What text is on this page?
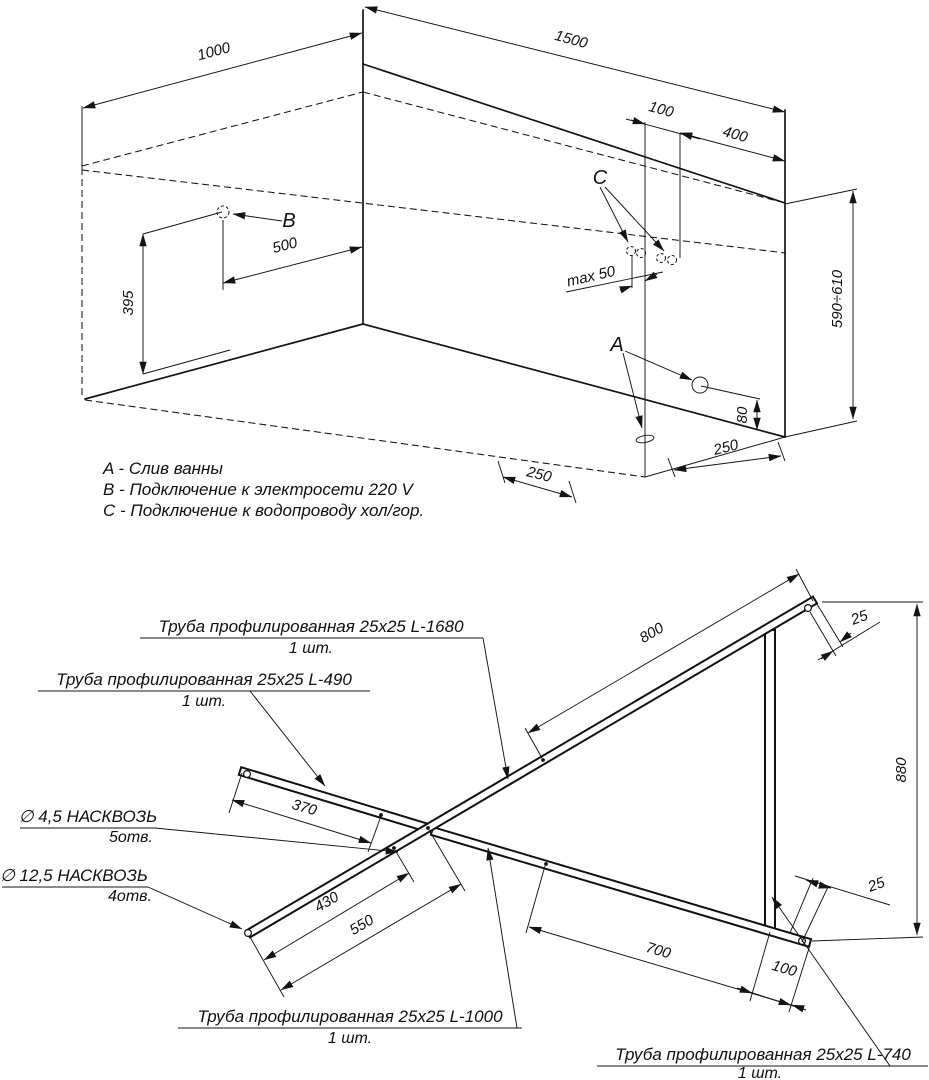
1000	1500
500
395
100
400
max 50	590÷610
80
250
250
B
C
A
A - Слив ванны
B - Подключение к электросети 220 V
C - Подключение к водопроводу хол/гор.
370
430
550
800
25
880
700
100
25
Труба профилированная 25x25 L-1680
1 шт.
Труба профилированная 25x25 L-490
1 шт.
∅ 4,5 НАСКВОЗЬ
5отв.
∅ 12,5 НАСКВОЗЬ
4отв.
Труба профилированная 25x25 L-1000
1 шт.
Труба профилированная 25x25 L-740
1 шт.
